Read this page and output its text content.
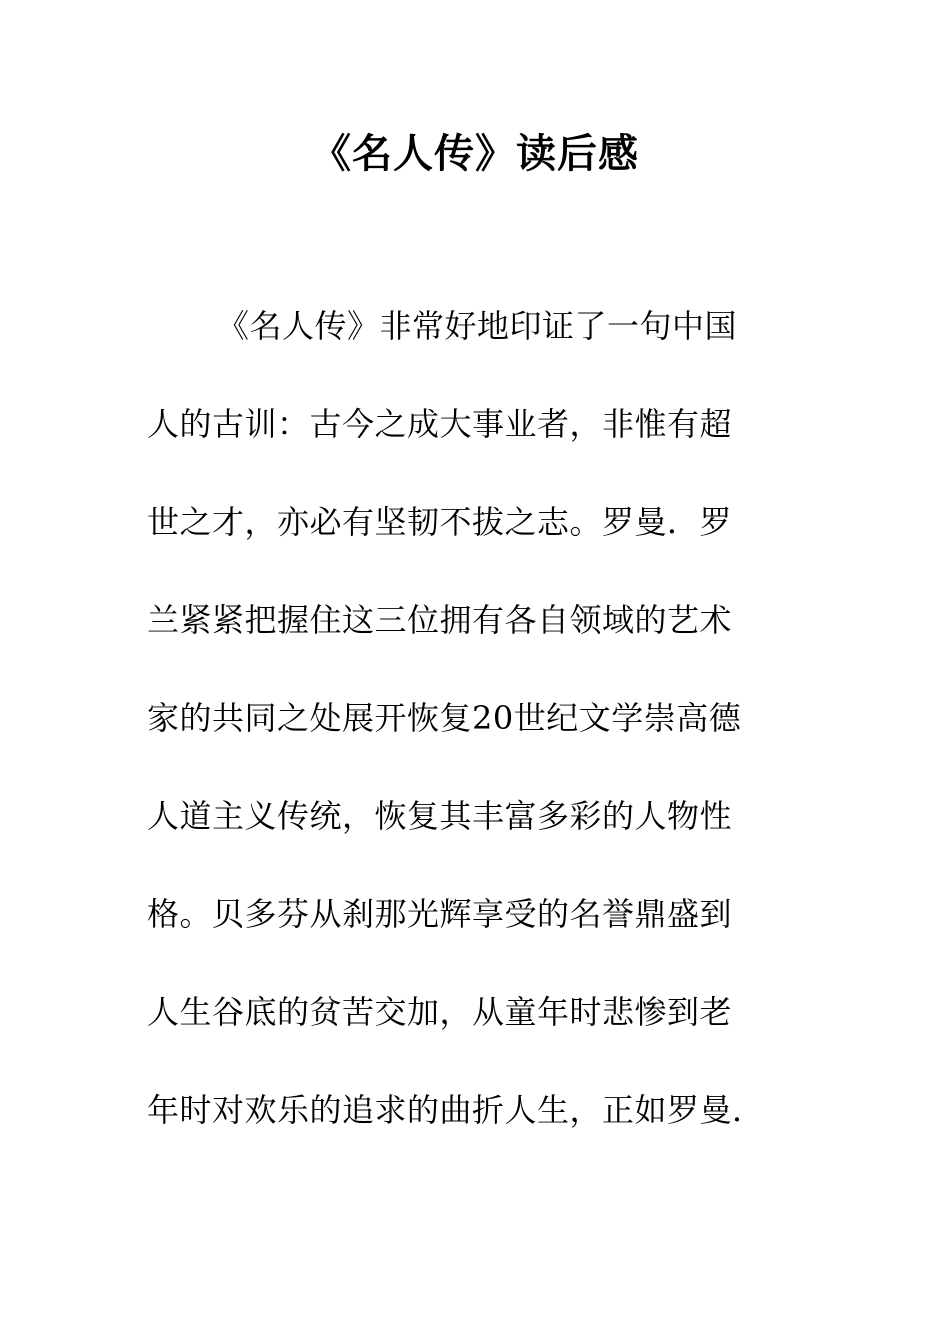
《名人传》读后感
《名人传》非常好地印证了一句中国
人的古训：古今之成大事业者，非惟有超
世之才，亦必有坚韧不拔之志。罗曼．罗
兰紧紧把握住这三位拥有各自领域的艺术
家的共同之处展开恢复20世纪文学崇高德
人道主义传统，恢复其丰富多彩的人物性
格。贝多芬从刹那光辉享受的名誉鼎盛到
人生谷底的贫苦交加，从童年时悲惨到老
年时对欢乐的追求的曲折人生，正如罗曼．
